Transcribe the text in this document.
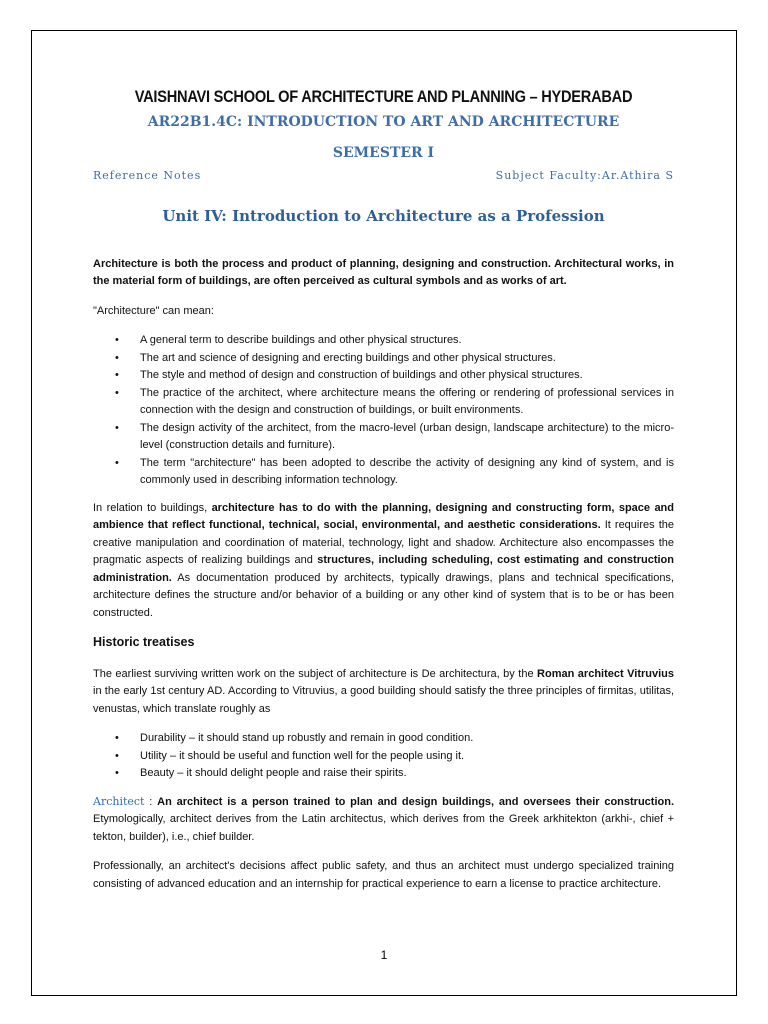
VAISHNAVI SCHOOL OF ARCHITECTURE AND PLANNING – HYDERABAD
AR22B1.4C: INTRODUCTION TO ART AND ARCHITECTURE
SEMESTER I
Reference Notes	Subject Faculty:Ar.Athira S
Unit IV: Introduction to Architecture as a Profession

Architecture is both the process and product of planning, designing and construction. Architectural works, in the material form of buildings, are often perceived as cultural symbols and as works of art.

"Architecture" can mean:

• A general term to describe buildings and other physical structures.
• The art and science of designing and erecting buildings and other physical structures.
• The style and method of design and construction of buildings and other physical structures.
• The practice of the architect, where architecture means the offering or rendering of professional services in connection with the design and construction of buildings, or built environments.
• The design activity of the architect, from the macro-level (urban design, landscape architecture) to the micro-level (construction details and furniture).
• The term "architecture" has been adopted to describe the activity of designing any kind of system, and is commonly used in describing information technology.

In relation to buildings, architecture has to do with the planning, designing and constructing form, space and ambience that reflect functional, technical, social, environmental, and aesthetic considerations. It requires the creative manipulation and coordination of material, technology, light and shadow. Architecture also encompasses the pragmatic aspects of realizing buildings and structures, including scheduling, cost estimating and construction administration. As documentation produced by architects, typically drawings, plans and technical specifications, architecture defines the structure and/or behavior of a building or any other kind of system that is to be or has been constructed.

Historic treatises

The earliest surviving written work on the subject of architecture is De architectura, by the Roman architect Vitruvius in the early 1st century AD. According to Vitruvius, a good building should satisfy the three principles of firmitas, utilitas, venustas, which translate roughly as

• Durability – it should stand up robustly and remain in good condition.
• Utility – it should be useful and function well for the people using it.
• Beauty – it should delight people and raise their spirits.

Architect : An architect is a person trained to plan and design buildings, and oversees their construction. Etymologically, architect derives from the Latin architectus, which derives from the Greek arkhitekton (arkhi-, chief + tekton, builder), i.e., chief builder.

Professionally, an architect's decisions affect public safety, and thus an architect must undergo specialized training consisting of advanced education and an internship for practical experience to earn a license to practice architecture.

1
